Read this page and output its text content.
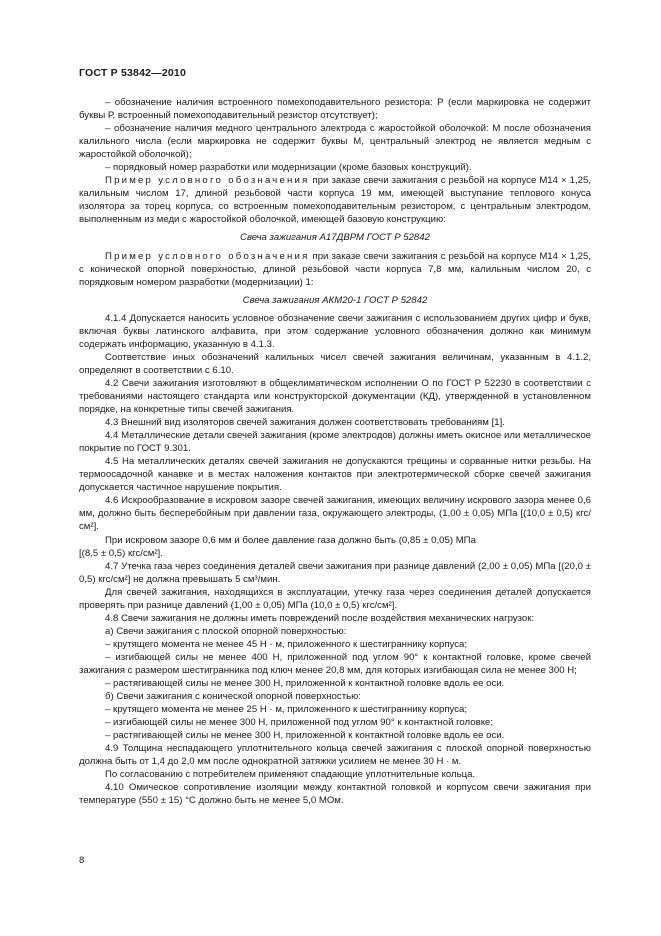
ГОСТ Р 53842—2010

– обозначение наличия встроенного помехоподавительного резистора: Р (если маркировка не содержит буквы Р, встроенный помехоподавительный резистор отсутствует);

– обозначение наличия медного центрального электрода с жаростойкой оболочкой: М после обозначения калильного числа (если маркировка не содержит буквы М, центральный электрод не является медным с жаростойкой оболочкой);

– порядковый номер разработки или модернизации (кроме базовых конструкций).

Пример условного обозначения при заказе свечи зажигания с резьбой на корпусе М14 × 1,25, калильным числом 17, длиной резьбовой части корпуса 19 мм, имеющей выступание теплового конуса изолятора за торец корпуса, со встроенным помехоподавительным резистором, с центральным электродом, выполненным из меди с жаростойкой оболочкой, имеющей базовую конструкцию:

Свеча зажигания А17ДВРМ ГОСТ Р 52842

Пример условного обозначения при заказе свечи зажигания с резьбой на корпусе М14 × 1,25, с конической опорной поверхностью, длиной резьбовой части корпуса 7,8 мм, калильным числом 20, с порядковым номером разработки (модернизации) 1:

Свеча зажигания АКМ20-1 ГОСТ Р 52842

4.1.4 Допускается наносить условное обозначение свечи зажигания с использованием других цифр и букв, включая буквы латинского алфавита, при этом содержание условного обозначения должно как минимум содержать информацию, указанную в 4.1.3.

Соответствие иных обозначений калильных чисел свечей зажигания величинам, указанным в 4.1.2, определяют в соответствии с 6.10.

4.2 Свечи зажигания изготовляют в общеклиматическом исполнении О по ГОСТ Р 52230 в соответствии с требованиями настоящего стандарта или конструкторской документации (КД), утвержденной в установленном порядке, на конкретные типы свечей зажигания.

4.3 Внешний вид изоляторов свечей зажигания должен соответствовать требованиям [1].

4.4 Металлические детали свечей зажигания (кроме электродов) должны иметь окисное или металлическое покрытие по ГОСТ 9.301.

4.5 На металлических деталях свечей зажигания не допускаются трещины и сорванные нитки резьбы. На термоосадочной канавке и в местах наложения контактов при электротермической сборке свечей зажигания допускается частичное нарушение покрытия.

4.6 Искрообразование в искровом зазоре свечей зажигания, имеющих величину искрового зазора менее 0,6 мм, должно быть бесперебойным при давлении газа, окружающего электроды, (1,00 ± 0,05) МПа [(10,0 ± 0,5) кгс/см²].

При искровом зазоре 0,6 мм и более давление газа должно быть (0,85 ± 0,05) МПа

[(8,5 ± 0,5) кгс/см²].

4.7 Утечка газа через соединения деталей свечи зажигания при разнице давлений (2,00 ± 0,05) МПа [(20,0 ± 0,5) кгс/см²] не должна превышать 5 см³/мин.

Для свечей зажигания, находящихся в эксплуатации, утечку газа через соединения деталей допускается проверять при разнице давлений (1,00 ± 0,05) МПа (10,0 ± 0,5) кгс/см²].

4.8 Свечи зажигания не должны иметь повреждений после воздействия механических нагрузок:

а) Свечи зажигания с плоской опорной поверхностью:

– крутящего момента не менее 45 Н · м, приложенного к шестиграннику корпуса;

– изгибающей силы не менее 400 Н, приложенной под углом 90° к контактной головке, кроме свечей зажигания с размером шестигранника под ключ менее 20,8 мм, для которых изгибающая сила не менее 300 Н;

– растягивающей силы не менее 300 Н, приложенной к контактной головке вдоль ее оси.

б) Свечи зажигания с конической опорной поверхностью:

– крутящего момента не менее 25 Н · м, приложенного к шестиграннику корпуса;

– изгибающей силы не менее 300 Н, приложенной под углом 90° к контактной головке;

– растягивающей силы не менее 300 Н, приложенной к контактной головке вдоль ее оси.

4.9 Толщина неспадающего уплотнительного кольца свечей зажигания с плоской опорной поверхностью должна быть от 1,4 до 2,0 мм после однократной затяжки усилием не менее 30 Н · м.

По согласованию с потребителем применяют спадающие уплотнительные кольца.

4.10 Омическое сопротивление изоляции между контактной головкой и корпусом свечи зажигания при температуре (550 ± 15) °С должно быть не менее 5,0 МОм.

8
